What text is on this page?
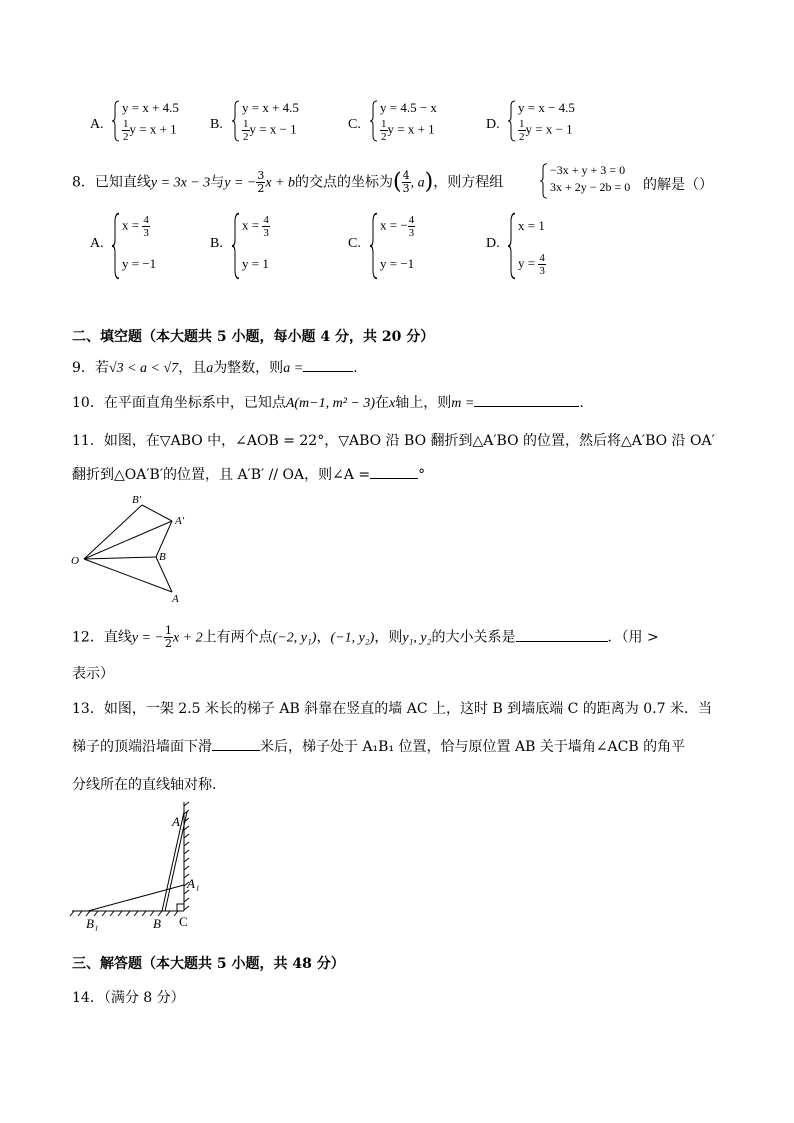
A.
y = x + 4.5
$\frac{1}{2}$ y = x + 1 B.
y = x + 4.5
$\frac{1}{2}$ y = x − 1	C.
y = 4.5 − x
$\frac{1}{2}$ y = x + 1	D.
y = x − 4.5
$\frac{1}{2}$ y = x − 1
8．已知直线y = 3x − 3与y = − $\frac{3}{2}$ x + b的交点的坐标为( $\frac{4}{3}$ , a)，则方程组
−3x + y + 3 = 0
3x + 2y − 2b = 0 的解是（）
A.
$x = \frac{4}{3}$
y = −1
B.
$x = \frac{4}{3}$
y = 1
C.
x = − $\frac{4}{3}$
y = −1
D.
x = 1
$y = \frac{4}{3}$
二、填空题（本大题共 5 小题，每小题 4 分，共 20 分）
9．若√3 < a < √7，且a为整数，则a =	.
10．在平面直角坐标系中，已知点A(m−1, m² − 3)在x轴上，则m =	.
11．如图，在▽ABO 中，∠AOB = 22°，▽ABO 沿 BO 翻折到△A′BO 的位置，然后将△A′BO 沿 OA′
翻折到△OA′B′的位置，且 A′B′ // OA，则∠A =	°
B′
A′
B
O
A
12．直线y = − $\frac{1}{2}$ x + 2上有两个点(−2, y₁)，(−1, y₂)，则y₁, y₂的大小关系是	．（用 >
表示）
13．如图，一架 2.5 米长的梯子 AB 斜靠在竖直的墙 AC 上，这时 B 到墙底端 C 的距离为 0.7 米．当
梯子的顶端沿墙面下滑	米后，梯子处于 A₁B₁ 位置，恰与原位置 AB 关于墙角∠ACB 的角平
分线所在的直线轴对称．
A
A₁
B₁	B C
三、解答题（本大题共 5 小题，共 48 分）
14．（满分 8 分）
